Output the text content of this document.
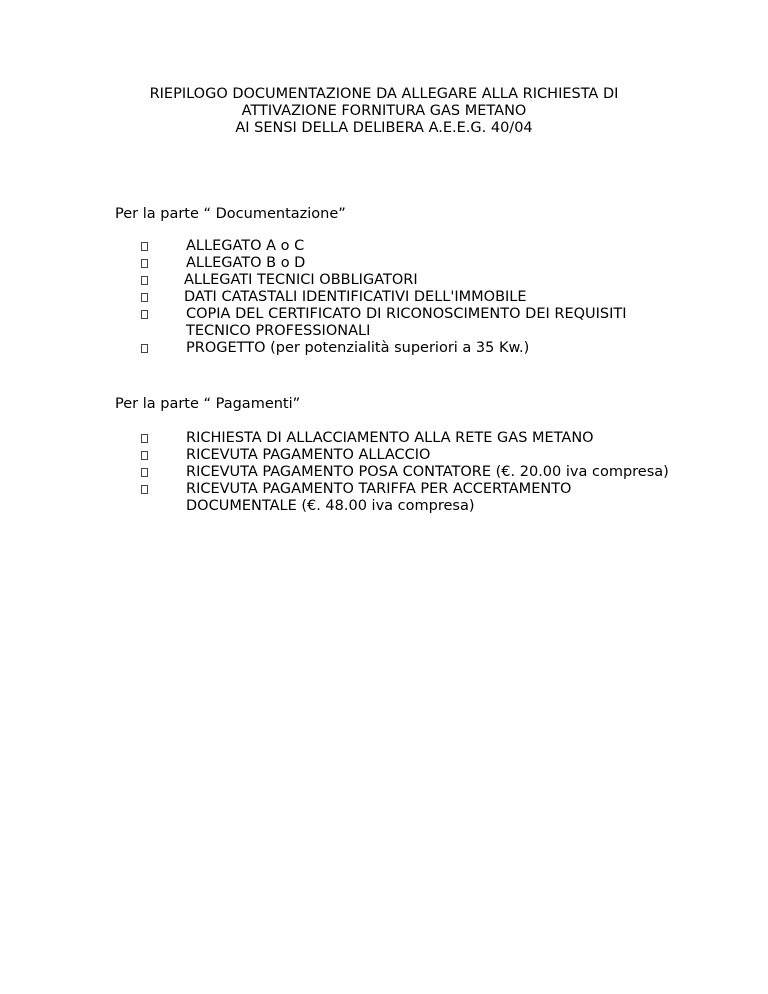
RIEPILOGO DOCUMENTAZIONE DA ALLEGARE ALLA RICHIESTA DI
ATTIVAZIONE FORNITURA GAS METANO
AI SENSI DELLA DELIBERA A.E.E.G. 40/04
Per la parte “ Documentazione”
ALLEGATO A o C
ALLEGATO B o D
ALLEGATI TECNICI OBBLIGATORI
DATI CATASTALI IDENTIFICATIVI DELL'IMMOBILE
COPIA DEL CERTIFICATO DI RICONOSCIMENTO DEI REQUISITI
TECNICO PROFESSIONALI
PROGETTO (per potenzialità superiori a 35 Kw.)
Per la parte “ Pagamenti”
RICHIESTA DI ALLACCIAMENTO ALLA RETE GAS METANO
RICEVUTA PAGAMENTO ALLACCIO
RICEVUTA PAGAMENTO POSA CONTATORE (€. 20.00 iva compresa)
RICEVUTA PAGAMENTO TARIFFA PER ACCERTAMENTO
DOCUMENTALE (€. 48.00 iva compresa)
